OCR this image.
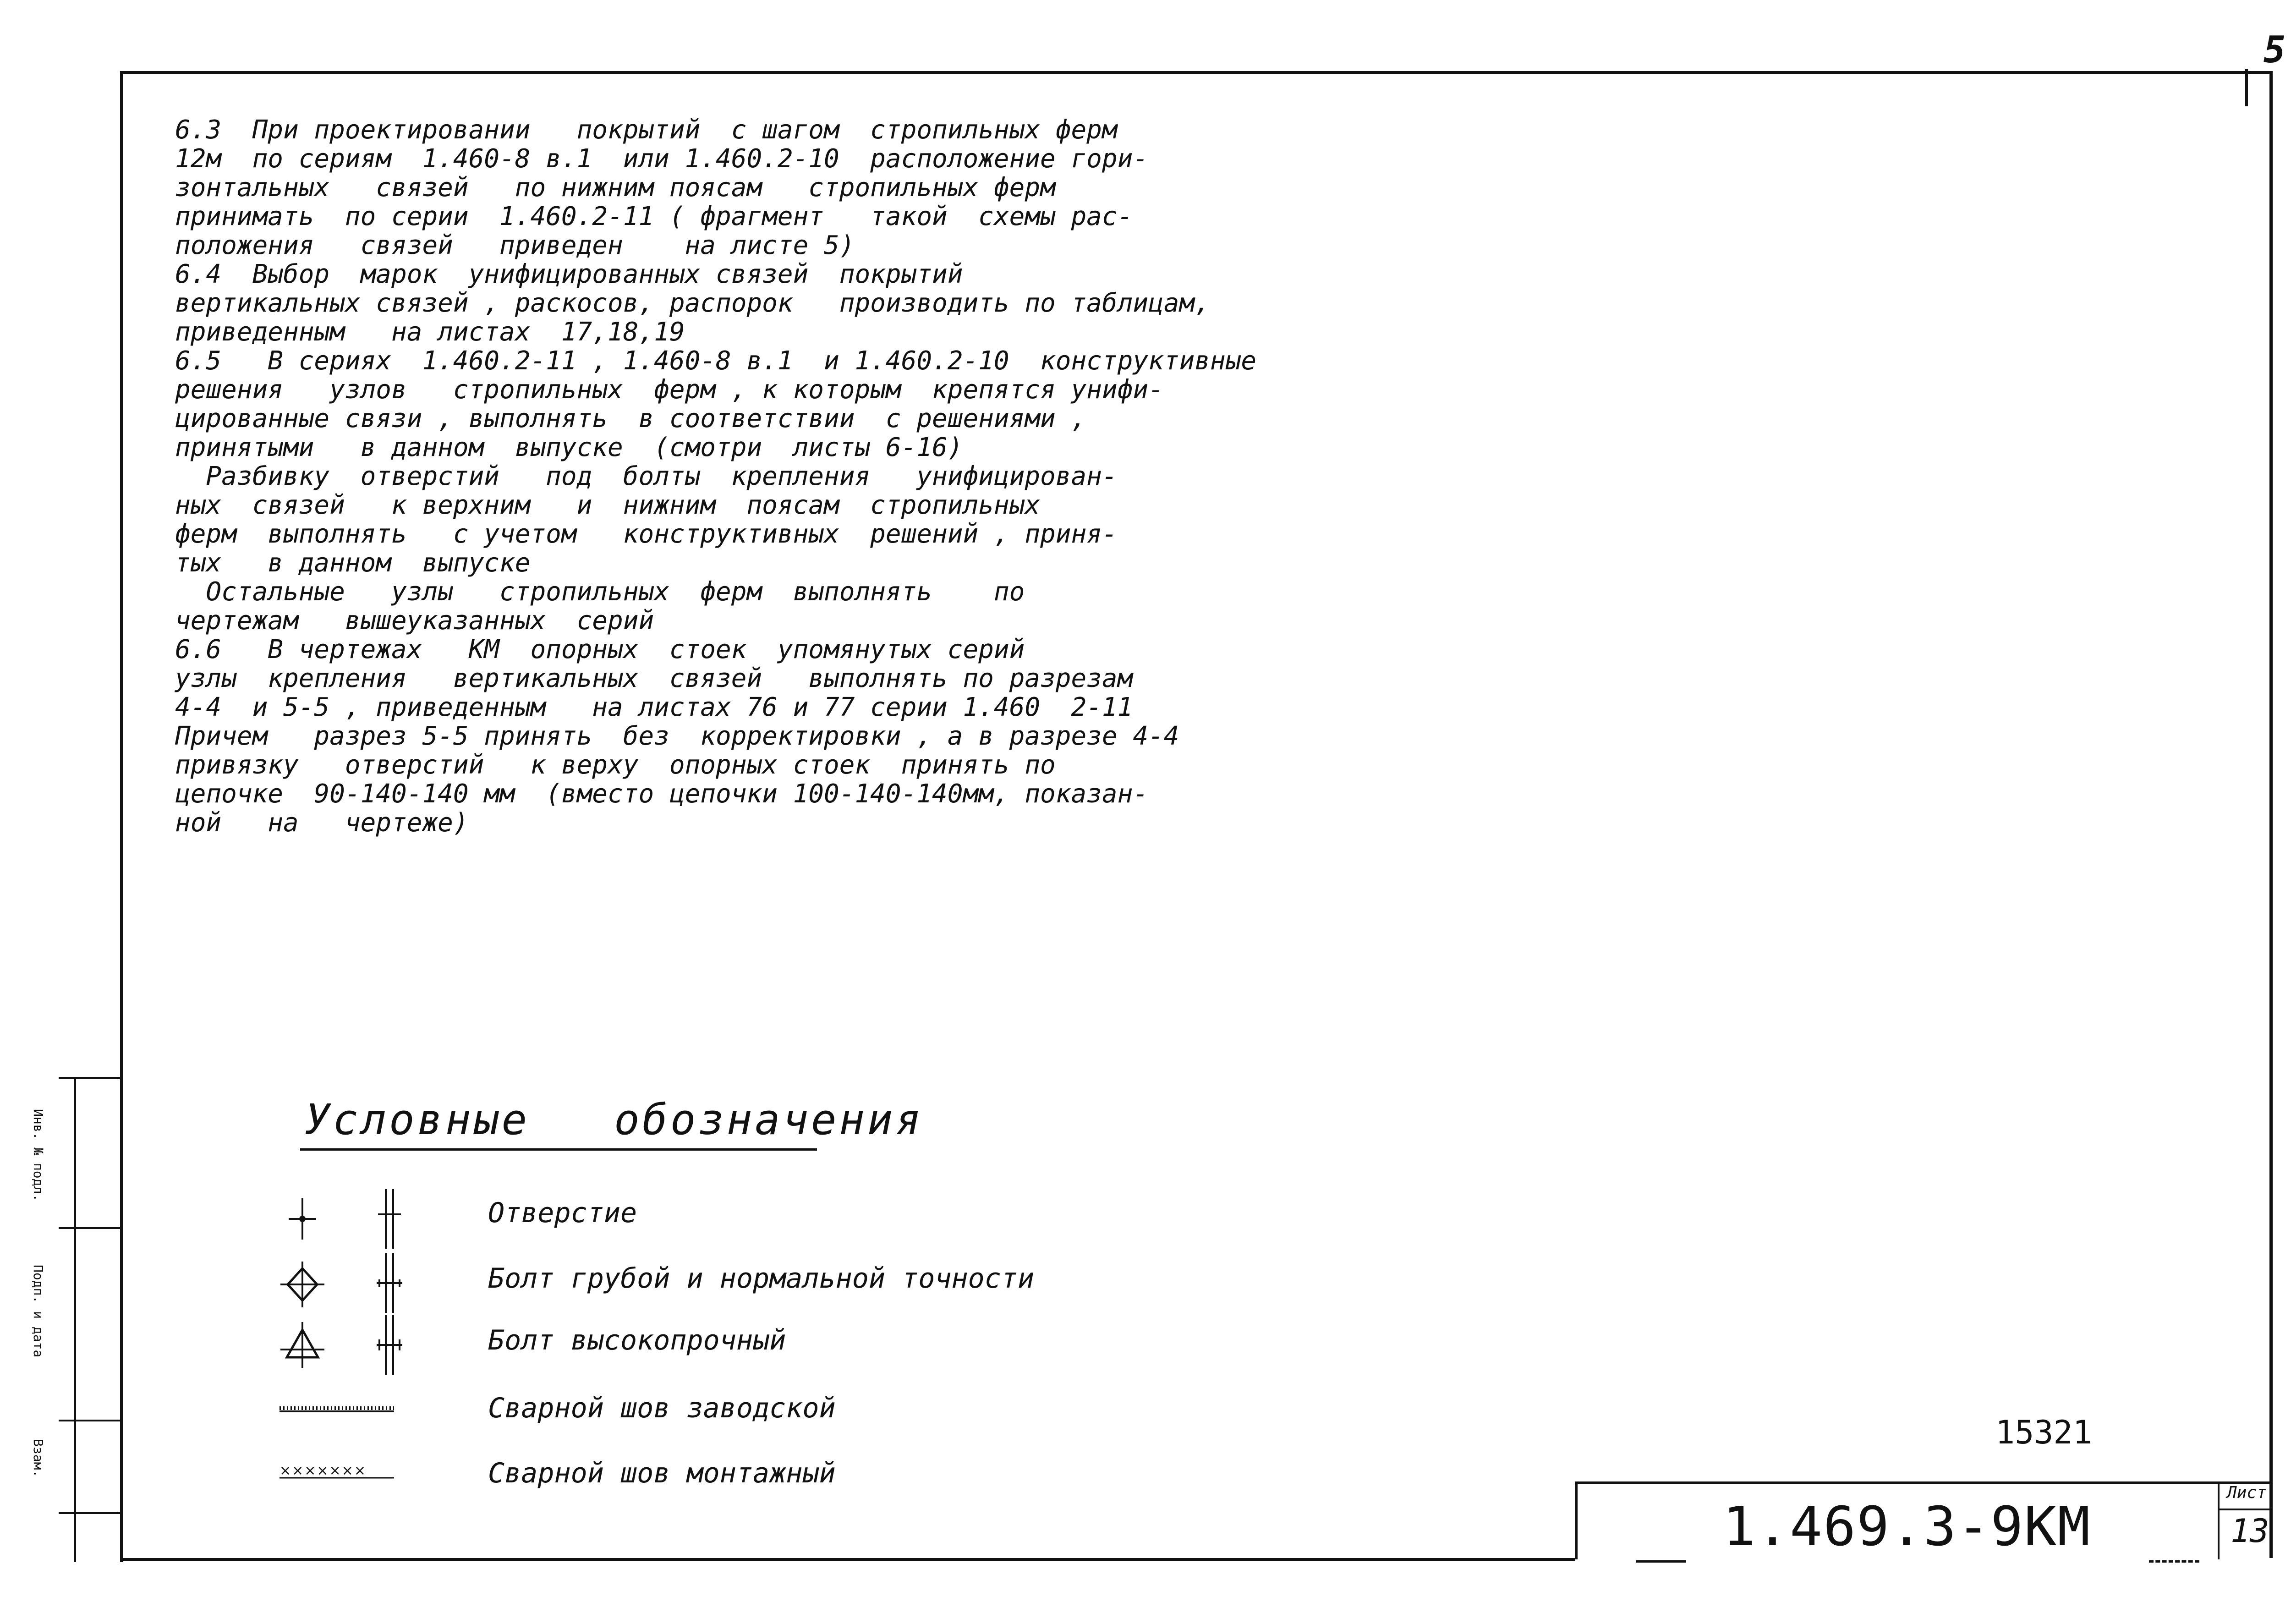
5
6.3  При проектировании   покрытий  с шагом  стропильных ферм
12м  по сериям  1.460-8 в.1  или 1.460.2-10  расположение гори-
зонтальных   связей   по нижним поясам   стропильных ферм
принимать  по серии  1.460.2-11 ( фрагмент   такой  схемы рас-
положения   связей   приведен    на листе 5)
6.4  Выбор  марок  унифицированных связей  покрытий
вертикальных связей , раскосов, распорок   производить по таблицам,
приведенным   на листах  17,18,19
6.5   В сериях  1.460.2-11 , 1.460-8 в.1  и 1.460.2-10  конструктивные
решения   узлов   стропильных  ферм , к которым  крепятся унифи-
цированные связи , выполнять  в соответствии  с решениями ,
принятыми   в данном  выпуске  (смотри  листы 6-16)
Разбивку  отверстий   под  болты  крепления   унифицирован-
ных  связей   к верхним   и  нижним  поясам  стропильных
ферм  выполнять   с учетом   конструктивных  решений , приня-
тых   в данном  выпуске
Остальные   узлы   стропильных  ферм  выполнять    по
чертежам   вышеуказанных  серий
6.6   В чертежах   КМ  опорных  стоек  упомянутых серий
узлы  крепления   вертикальных  связей   выполнять по разрезам
4-4  и 5-5 , приведенным   на листах 76 и 77 серии 1.460  2-11
Причем   разрез 5-5 принять  без  корректировки , а в разрезе 4-4
привязку   отверстий   к верху  опорных стоек  принять по
цепочке  90-140-140 мм  (вместо цепочки 100-140-140мм, показан-
ной   на   чертеже)
Условные   обозначения
Отверстие
Болт грубой и нормальной точности
Болт высокопрочный
Сварной шов заводской
×××××××	Сварной шов монтажный
Инв. № подл.
Подп. и дата
Взам.
15321
1.469.3-9КМ
Лист
13
